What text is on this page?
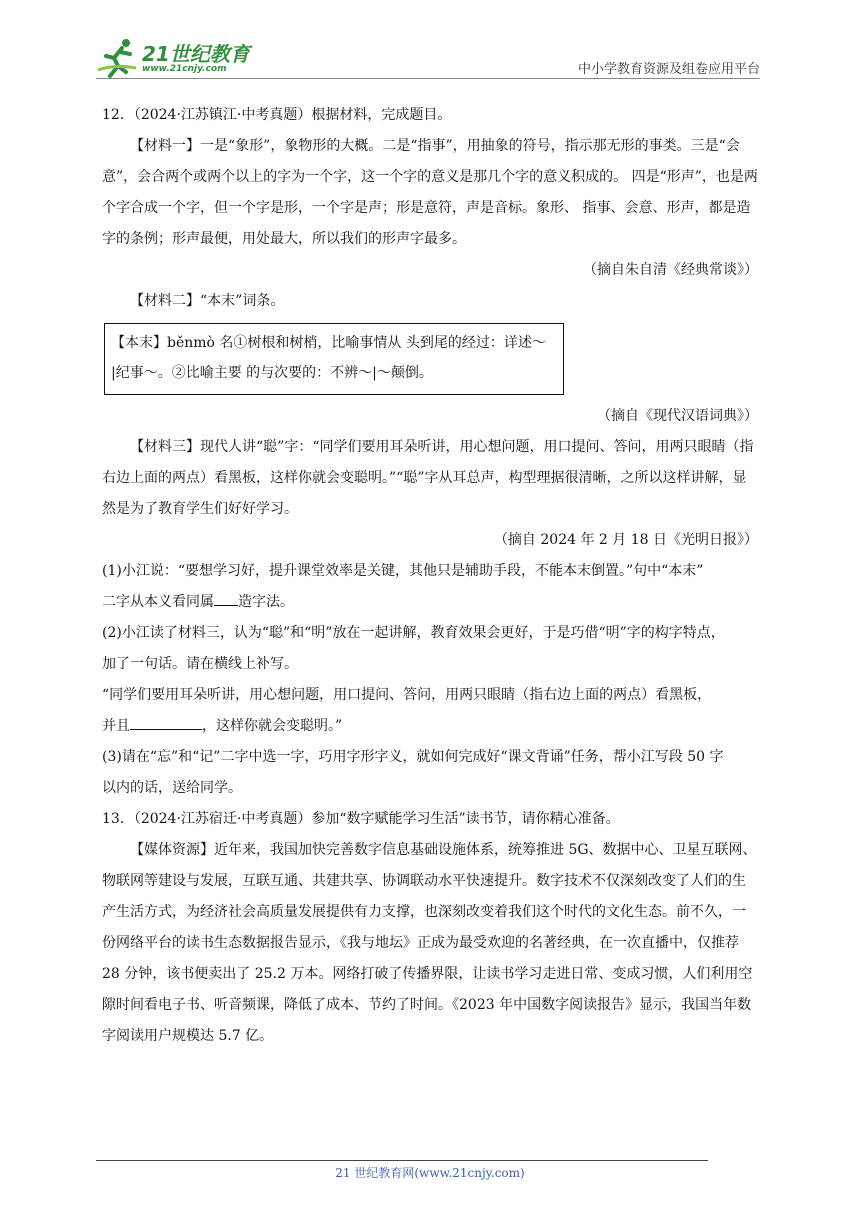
21世纪教育
www.21cnjy.com	中小学教育资源及组卷应用平台

12．（2024·江苏镇江·中考真题）根据材料，完成题目。

【材料一】一是“象形”，象物形的大概。二是“指事”，用抽象的符号，指示那无形的事类。三是“会意”，会合两个或两个以上的字为一个字，这一个字的意义是那几个字的意义积成的。 四是“形声”，也是两个字合成一个字，但一个字是形，一个字是声；形是意符，声是音标。象形、 指事、会意、形声，都是造字的条例；形声最便，用处最大，所以我们的形声字最多。

（摘自朱自清《经典常谈》）

【材料二】“本末”词条。

【本末】běnmò 名①树根和树梢，比喻事情从 头到尾的经过：详述～
|纪事～。②比喻主要 的与次要的：不辨～|～颠倒。

（摘自《现代汉语词典》）

【材料三】现代人讲“聪”字：“同学们要用耳朵听讲，用心想问题，用口提问、答问，用两只眼睛（指右边上面的两点）看黑板，这样你就会变聪明。”“聪”字从耳总声，构型理据很清晰，之所以这样讲解，显然是为了教育学生们好好学习。

（摘自 2024 年 2 月 18 日《光明日报》）

(1)小江说：“要想学习好，提升课堂效率是关键，其他只是辅助手段，不能本末倒置。”句中“本末”
二字从本义看同属 造字法。

(2)小江读了材料三，认为“聪”和“明”放在一起讲解，教育效果会更好，于是巧借“明”字的构字特点，
加了一句话。请在横线上补写。
“同学们要用耳朵听讲，用心想问题，用口提问、答问，用两只眼睛（指右边上面的两点）看黑板，
并且	，这样你就会变聪明。”

(3)请在“忘”和“记”二字中选一字，巧用字形字义，就如何完成好“课文背诵”任务，帮小江写段 50 字
以内的话，送给同学。

13．（2024·江苏宿迁·中考真题）参加“数字赋能学习生活”读书节，请你精心准备。

【媒体资源】近年来，我国加快完善数字信息基础设施体系，统筹推进 5G、数据中心、卫星互联网、物联网等建设与发展，互联互通、共建共享、协调联动水平快速提升。数字技术不仅深刻改变了人们的生产生活方式，为经济社会高质量发展提供有力支撑，也深刻改变着我们这个时代的文化生态。前不久，一份网络平台的读书生态数据报告显示，《我与地坛》正成为最受欢迎的名著经典，在一次直播中，仅推荐 28 分钟，该书便卖出了 25.2 万本。网络打破了传播界限，让读书学习走进日常、变成习惯，人们利用空隙时间看电子书、听音频课，降低了成本、节约了时间。《2023 年中国数字阅读报告》显示，我国当年数字阅读用户规模达 5.7 亿。

21 世纪教育网(www.21cnjy.com)
